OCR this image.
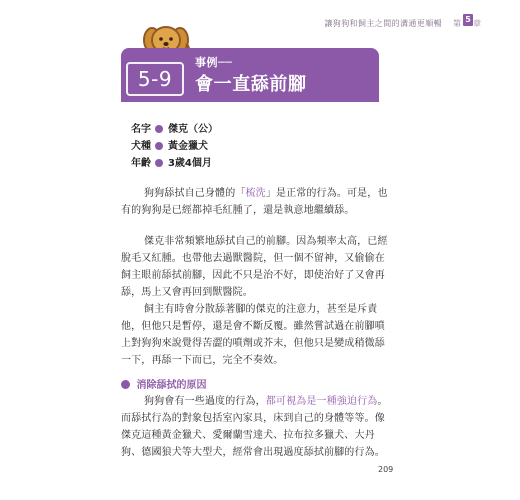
讓狗狗和飼主之間的溝通更順暢 第 5 章
5-9
事例──
會一直舔前腳
名字 傑克（公）
犬種 黃金獵犬
年齡 3歲4個月
狗狗舔拭自己身體的「梳洗」是正常的行為。可是，也
有的狗狗是已經都掉毛紅腫了，還是執意地繼續舔。
傑克非常頻繁地舔拭自己的前腳。因為頻率太高，已經
脫毛又紅腫。也帶他去過獸醫院，但一個不留神，又偷偷在
飼主眼前舔拭前腳，因此不只是治不好，即使治好了又會再
舔，馬上又會再回到獸醫院。
飼主有時會分散舔著腳的傑克的注意力，甚至是斥責
他，但他只是暫停，還是會不斷反覆。雖然嘗試過在前腳噴
上對狗狗來說覺得苦澀的噴劑或芥末，但他只是變成稍微舔
一下，再舔一下而已，完全不奏效。
消除舔拭的原因
狗狗會有一些過度的行為，都可視為是一種強迫行為。
而舔拭行為的對象包括室內家具，床到自己的身體等等。像
傑克這種黃金獵犬、愛爾蘭雪達犬、拉布拉多獵犬、大丹
狗、德國狼犬等大型犬，經常會出現過度舔拭前腳的行為。
209
